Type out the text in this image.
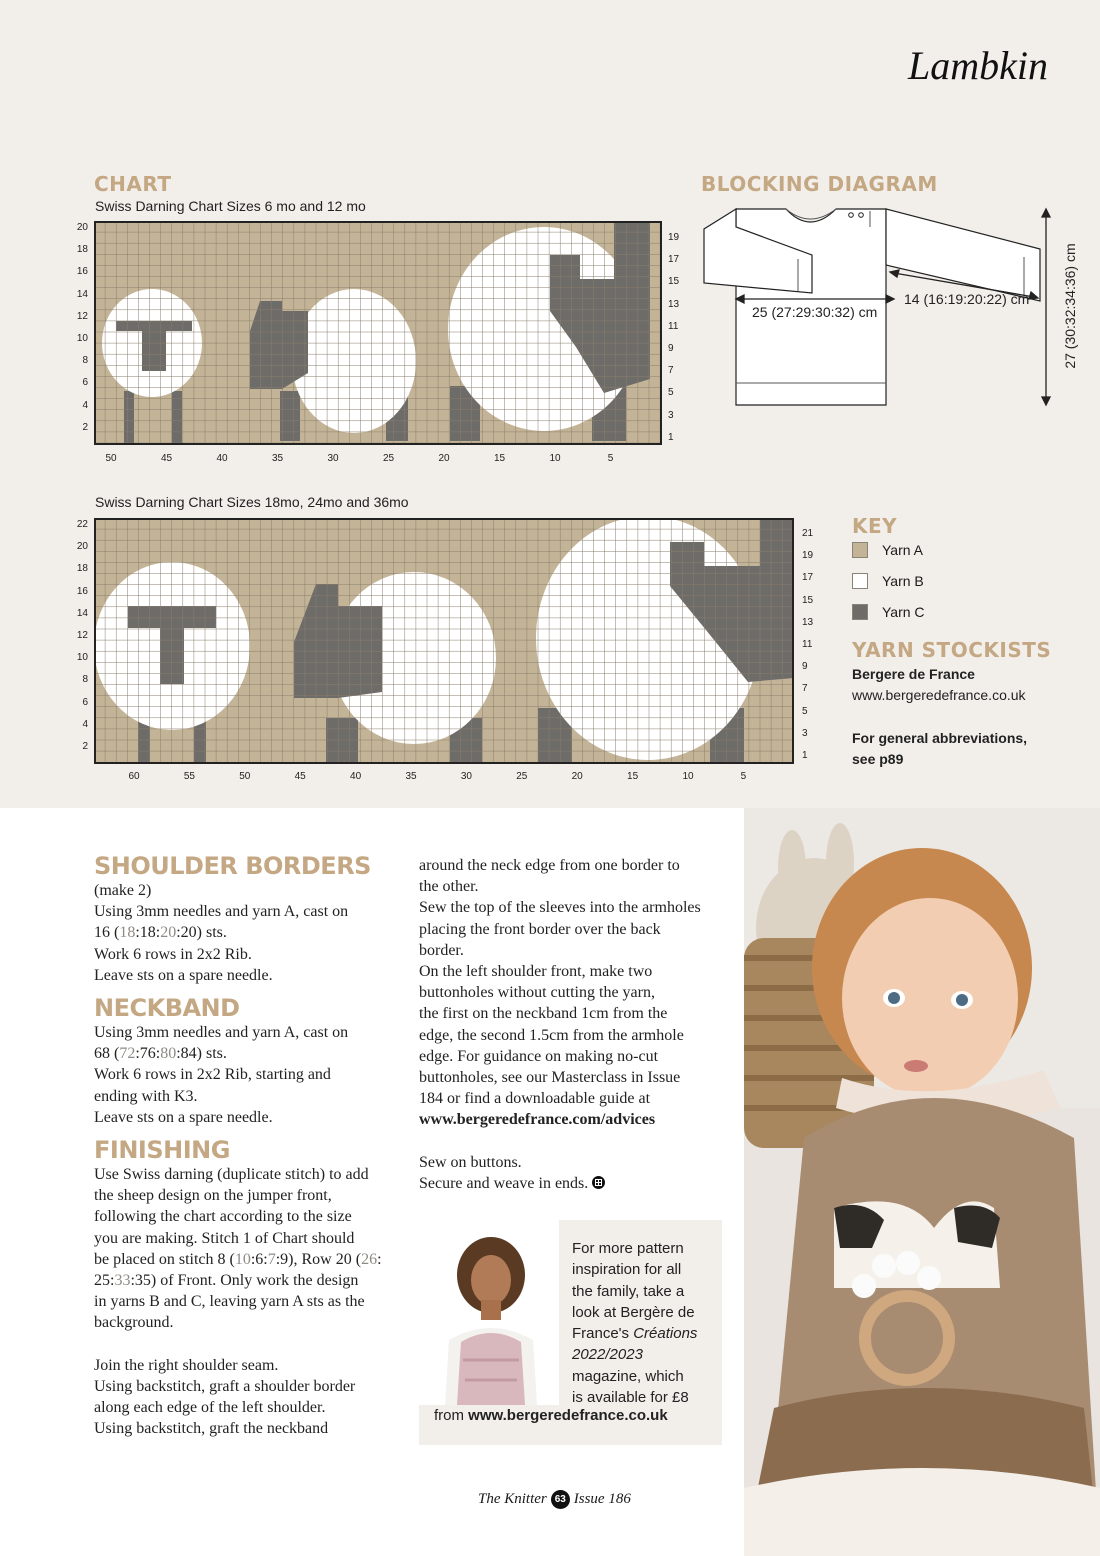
Lambkin
CHART
Swiss Darning Chart Sizes 6 mo and 12 mo
20
18
16
14
12
10
8
6
4
2
19
17
15
13
11
9
7
5
3
1
50	45	40	35	30	25	20	15	10	5
Swiss Darning Chart Sizes 18mo, 24mo and 36mo
22
20
18
16
14
12
10
8
6
4
2
21
19
17
15
13
11
9
7
5
3
1
60	55	50	45	40	35	30	25	20	15	10	5
BLOCKING DIAGRAM
25 (27:29:30:32) cm
14 (16:19:20:22) cm 27 (30:32:34:36) cm
KEY
Yarn A
Yarn B
Yarn C
YARN STOCKISTS
Bergere de France
www.bergeredefrance.co.uk
For general abbreviations,
see p89
SHOULDER BORDERS

(make 2)

Using 3mm needles and yarn A, cast on

16 (18:18:20:20) sts.

Work 6 rows in 2x2 Rib.

Leave sts on a spare needle.

NECKBAND

Using 3mm needles and yarn A, cast on

68 (72:76:80:84) sts.

Work 6 rows in 2x2 Rib, starting and

ending with K3.

Leave sts on a spare needle.

FINISHING

Use Swiss darning (duplicate stitch) to add

the sheep design on the jumper front,

following the chart according to the size

you are making. Stitch 1 of Chart should

be placed on stitch 8 (10:6:7:9), Row 20 (26:

25:33:35) of Front. Only work the design

in yarns B and C, leaving yarn A sts as the

background.

Join the right shoulder seam.

Using backstitch, graft a shoulder border

along each edge of the left shoulder.

Using backstitch, graft the neckband

around the neck edge from one border to

the other.

Sew the top of the sleeves into the armholes

placing the front border over the back

border.

On the left shoulder front, make two

buttonholes without cutting the yarn,

the first on the neckband 1cm from the

edge, the second 1.5cm from the armhole

edge. For guidance on making no-cut

buttonholes, see our Masterclass in Issue

184 or find a downloadable guide at

www.bergeredefrance.com/advices

Sew on buttons.

Secure and weave in ends.

For more pattern

inspiration for all

the family, take a

look at Bergère de

France's Créations

2022/2023

magazine, which

is available for £8

from www.bergeredefrance.co.uk
The Knitter 63 Issue 186
